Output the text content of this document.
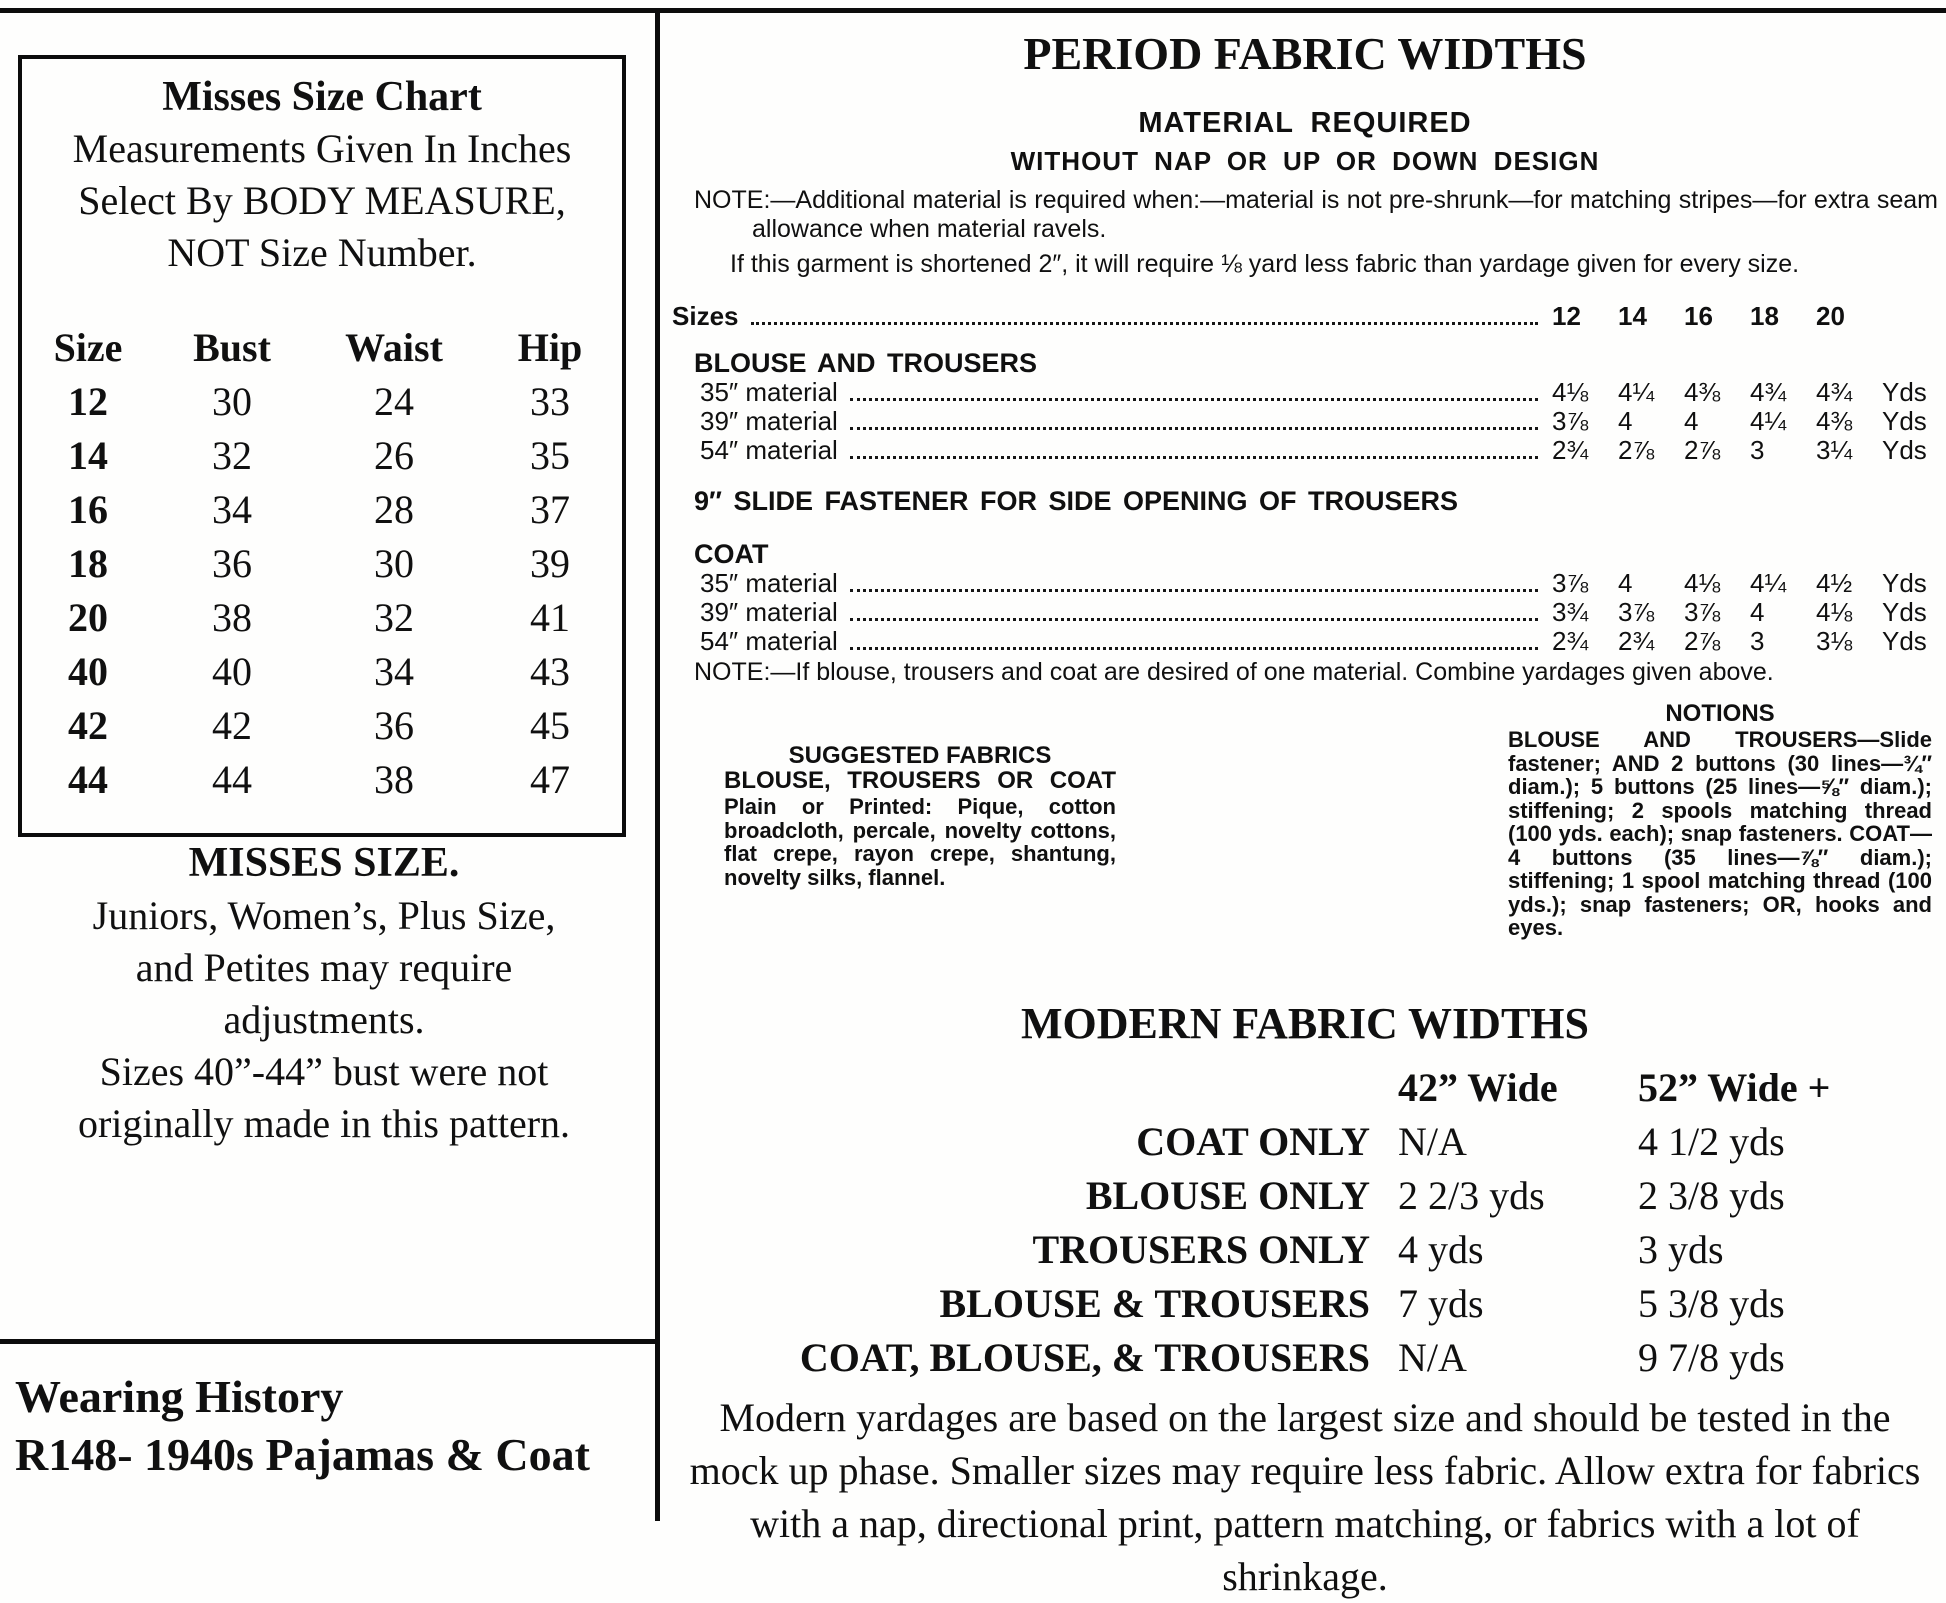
Misses Size Chart
Measurements Given In Inches
Select By BODY MEASURE,
NOT Size Number.
Size	Bust	Waist	Hip
12	30	24	33
14	32	26	35
16	34	28	37
18	36	30	39
20	38	32	41
40	40	34	43
42	42	36	45
44	44	38	47
MISSES SIZE.
Juniors, Women’s, Plus Size,
and Petites may require
adjustments.
Sizes 40”-44” bust were not
originally made in this pattern.
Wearing History
R148- 1940s Pajamas & Coat
PERIOD FABRIC WIDTHS
MATERIAL REQUIRED
WITHOUT NAP OR UP OR DOWN DESIGN
NOTE:—Additional material is required when:—material is not pre-shrunk—for matching stripes—for extra seam allowance when material ravels.
If this garment is shortened 2″, it will require ⅛ yard less fabric than yardage given for every size.
Sizes	12	14	16	18	20
BLOUSE AND TROUSERS
35″ material	4⅛	4¼	4⅜	4¾	4¾	Yds
39″ material	3⅞	4	4	4¼	4⅜	Yds
54″ material	2¾	2⅞	2⅞	3	3¼	Yds
9″ SLIDE FASTENER FOR SIDE OPENING OF TROUSERS
COAT
35″ material	3⅞	4	4⅛	4¼	4½	Yds
39″ material	3¾	3⅞	3⅞	4	4⅛	Yds
54″ material	2¾	2¾	2⅞	3	3⅛	Yds
NOTE:—If blouse, trousers and coat are desired of one material. Combine yardages given above.
NOTIONS
BLOUSE AND TROUSERS—Slide fastener; AND 2 buttons (30 lines—¾″ diam.); 5 buttons (25 lines—⅝″ diam.); stiffening; 2 spools matching thread (100 yds. each); snap fasteners. COAT—4 buttons (35 lines—⅞″ diam.); stiffening; 1 spool matching thread (100 yds.); snap fasteners; OR, hooks and eyes.
SUGGESTED FABRICS
BLOUSE, TROUSERS OR COAT
Plain or Printed: Pique, cotton broadcloth, percale, novelty cottons, flat crepe, rayon crepe, shantung, novelty silks, flannel.
MODERN FABRIC WIDTHS
42” Wide	52” Wide +
COAT ONLY N/A	4 1/2 yds
BLOUSE ONLY 2 2/3 yds	2 3/8 yds
TROUSERS ONLY 4 yds	3 yds
BLOUSE & TROUSERS 7 yds	5 3/8 yds
COAT, BLOUSE, & TROUSERS N/A	9 7/8 yds
Modern yardages are based on the largest size and should be tested in the mock up phase. Smaller sizes may require less fabric. Allow extra for fabrics with a nap, directional print, pattern matching, or fabrics with a lot of shrinkage.
